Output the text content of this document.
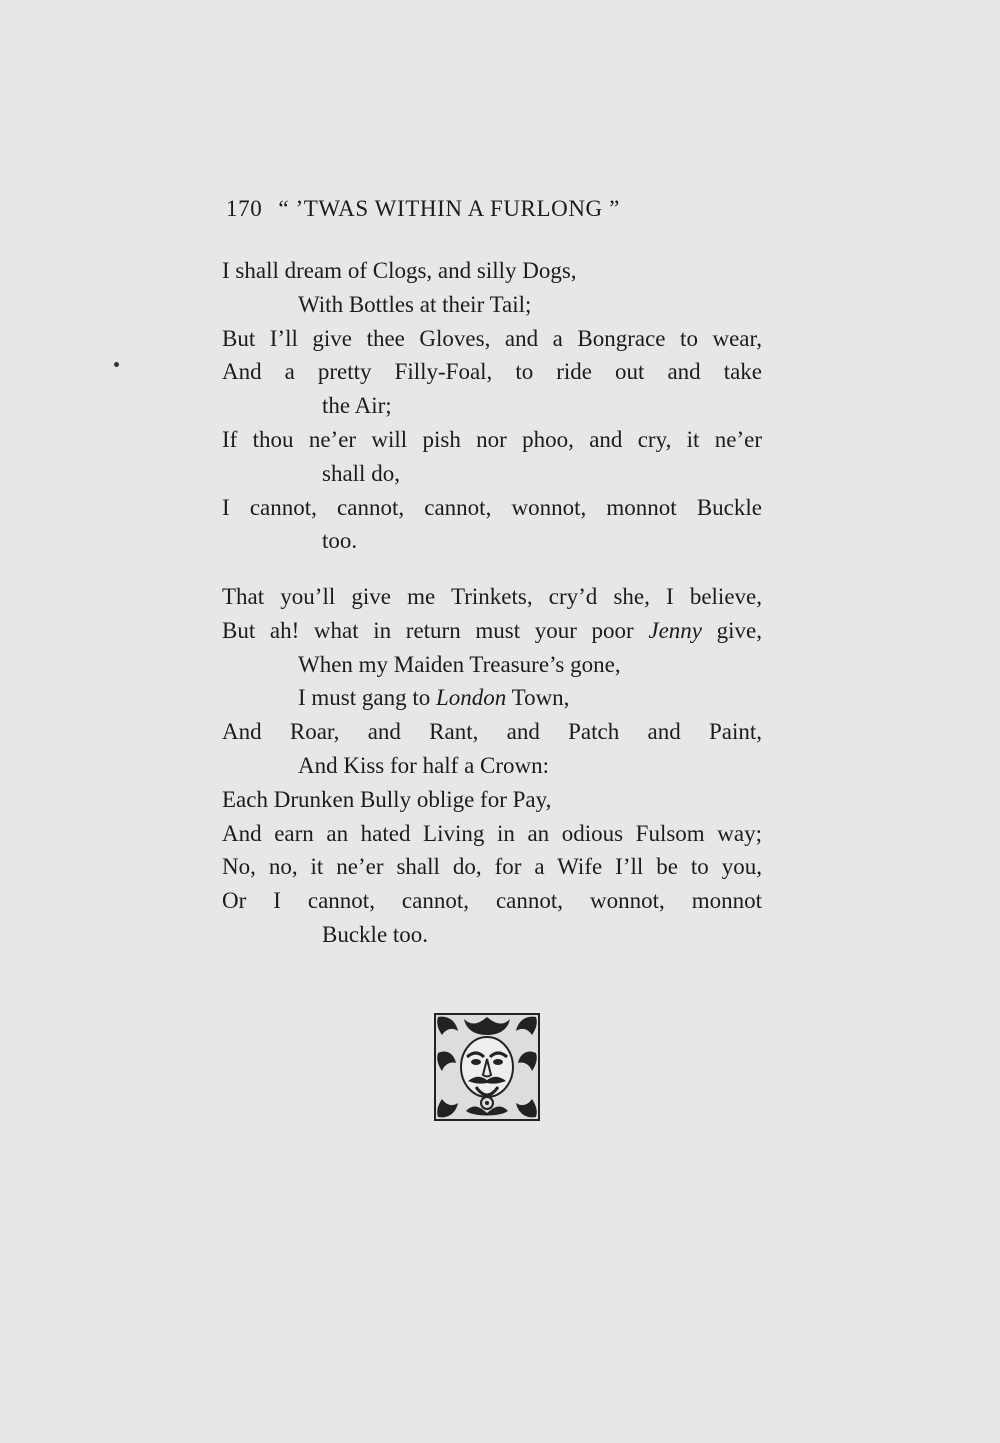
170 “ ’TWAS WITHIN A FURLONG ”
I shall dream of Clogs, and silly Dogs,
With Bottles at their Tail;
But I’ll give thee Gloves, and a Bongrace to wear,
And a pretty Filly-Foal, to ride out and take
the Air;
If thou ne’er will pish nor phoo, and cry, it ne’er
shall do,
I cannot, cannot, cannot, wonnot, monnot Buckle
too.
That you’ll give me Trinkets, cry’d she, I believe,
But ah! what in return must your poor Jenny give,
When my Maiden Treasure’s gone,
I must gang to London Town,
And Roar, and Rant, and Patch and Paint,
And Kiss for half a Crown:
Each Drunken Bully oblige for Pay,
And earn an hated Living in an odious Fulsom way;
No, no, it ne’er shall do, for a Wife I’ll be to you,
Or I cannot, cannot, cannot, wonnot, monnot
Buckle too.
